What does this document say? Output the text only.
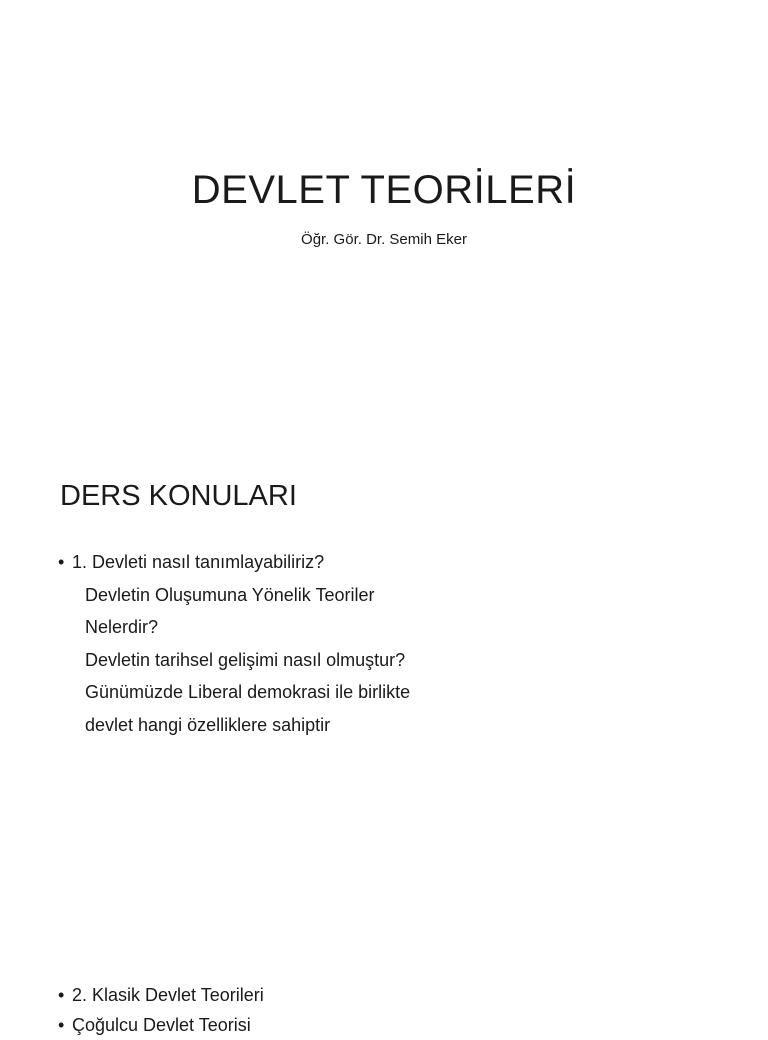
DEVLET TEORİLERİ
Öğr. Gör. Dr. Semih Eker
DERS KONULARI
• 1. Devleti nasıl tanımlayabiliriz?
Devletin Oluşumuna Yönelik Teoriler
Nelerdir?
Devletin tarihsel gelişimi nasıl olmuştur?
Günümüzde Liberal demokrasi ile birlikte
devlet hangi özelliklere sahiptir
• 2. Klasik Devlet Teorileri
• Çoğulcu Devlet Teorisi
